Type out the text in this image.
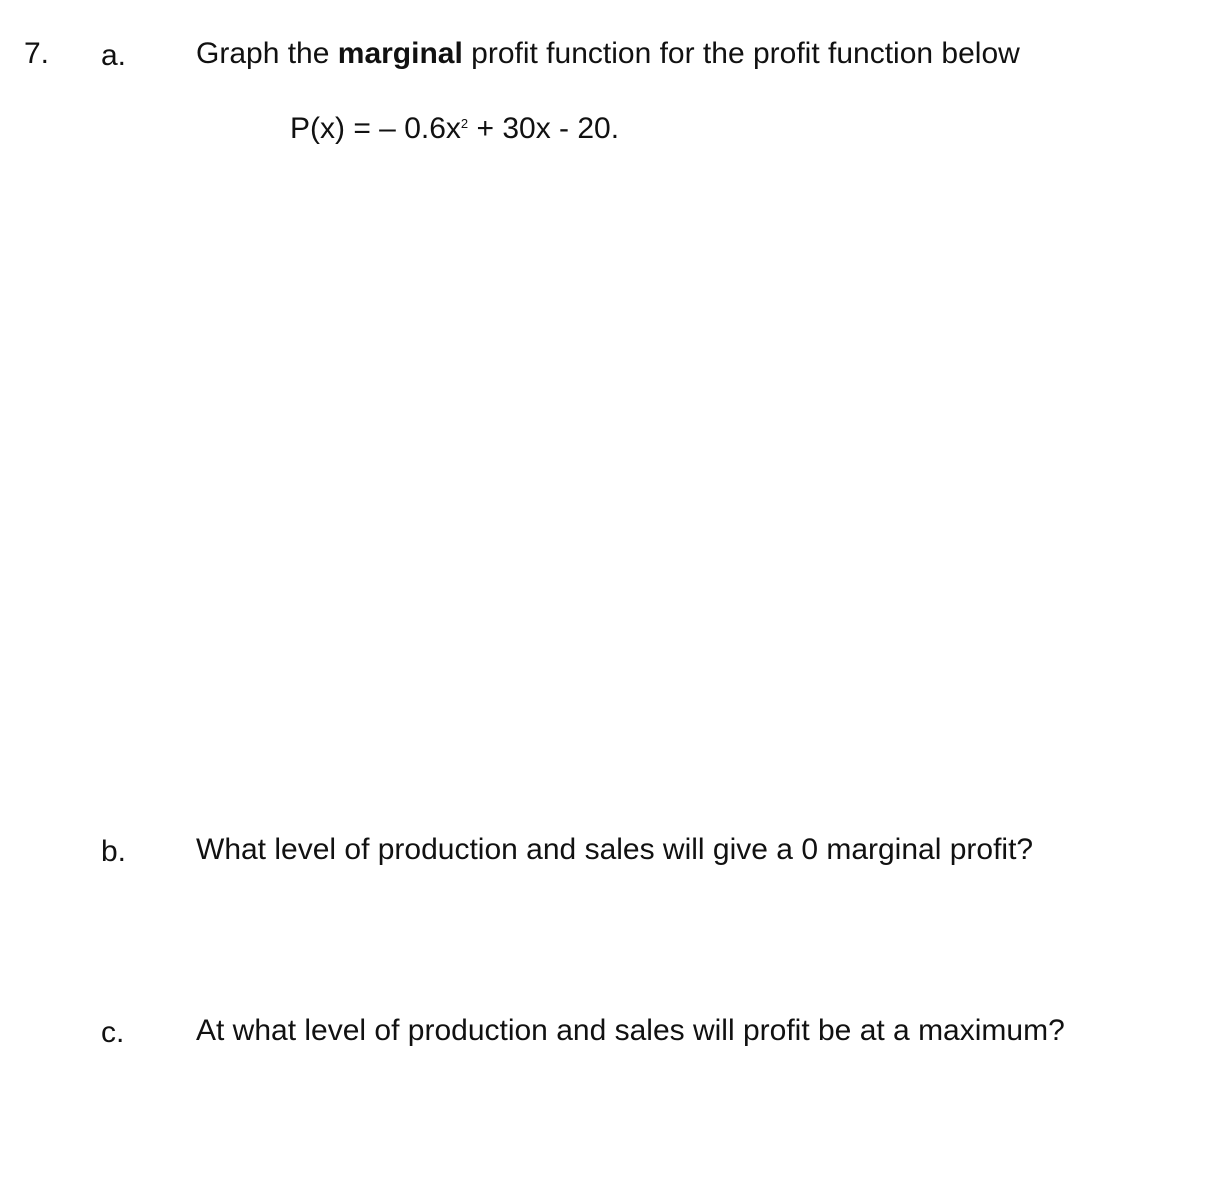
7. a. Graph the marginal profit function for the profit function below
P(x) = – $0.6x^2 + 30x - 20$.
b. What level of production and sales will give a 0 marginal profit?
c. At what level of production and sales will profit be at a maximum?
